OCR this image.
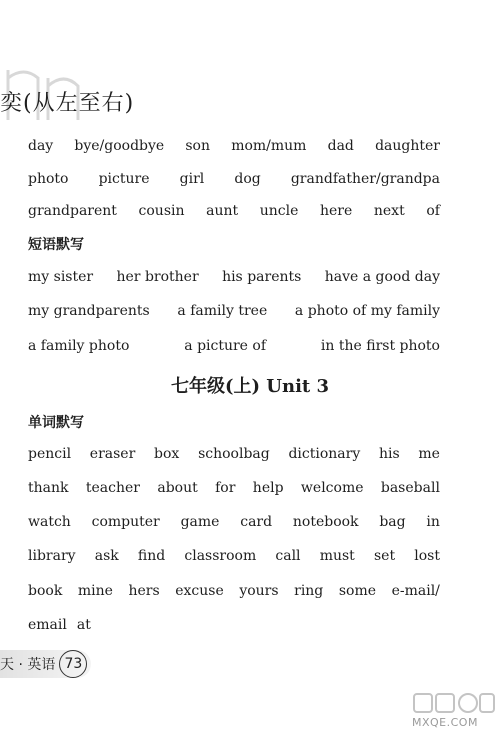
奕(从左至右)
day bye/goodbye son mom/mum dad daughter
photo picture girl dog grandfather/grandpa
grandparent cousin aunt uncle here next of
短语默写
my sister her brother his parents have a good day
my grandparents a family tree a photo of my family
a family photo	a picture of	in the first photo
七年级(上) Unit 3
单词默写
pencil eraser box schoolbag dictionary his me
thank teacher about for help welcome baseball
watch computer game card notebook bag in
library ask find classroom call must set lost
book mine hers excuse yours ring some e-mail/
email at
天 · 英语 73
MXQE.COM
